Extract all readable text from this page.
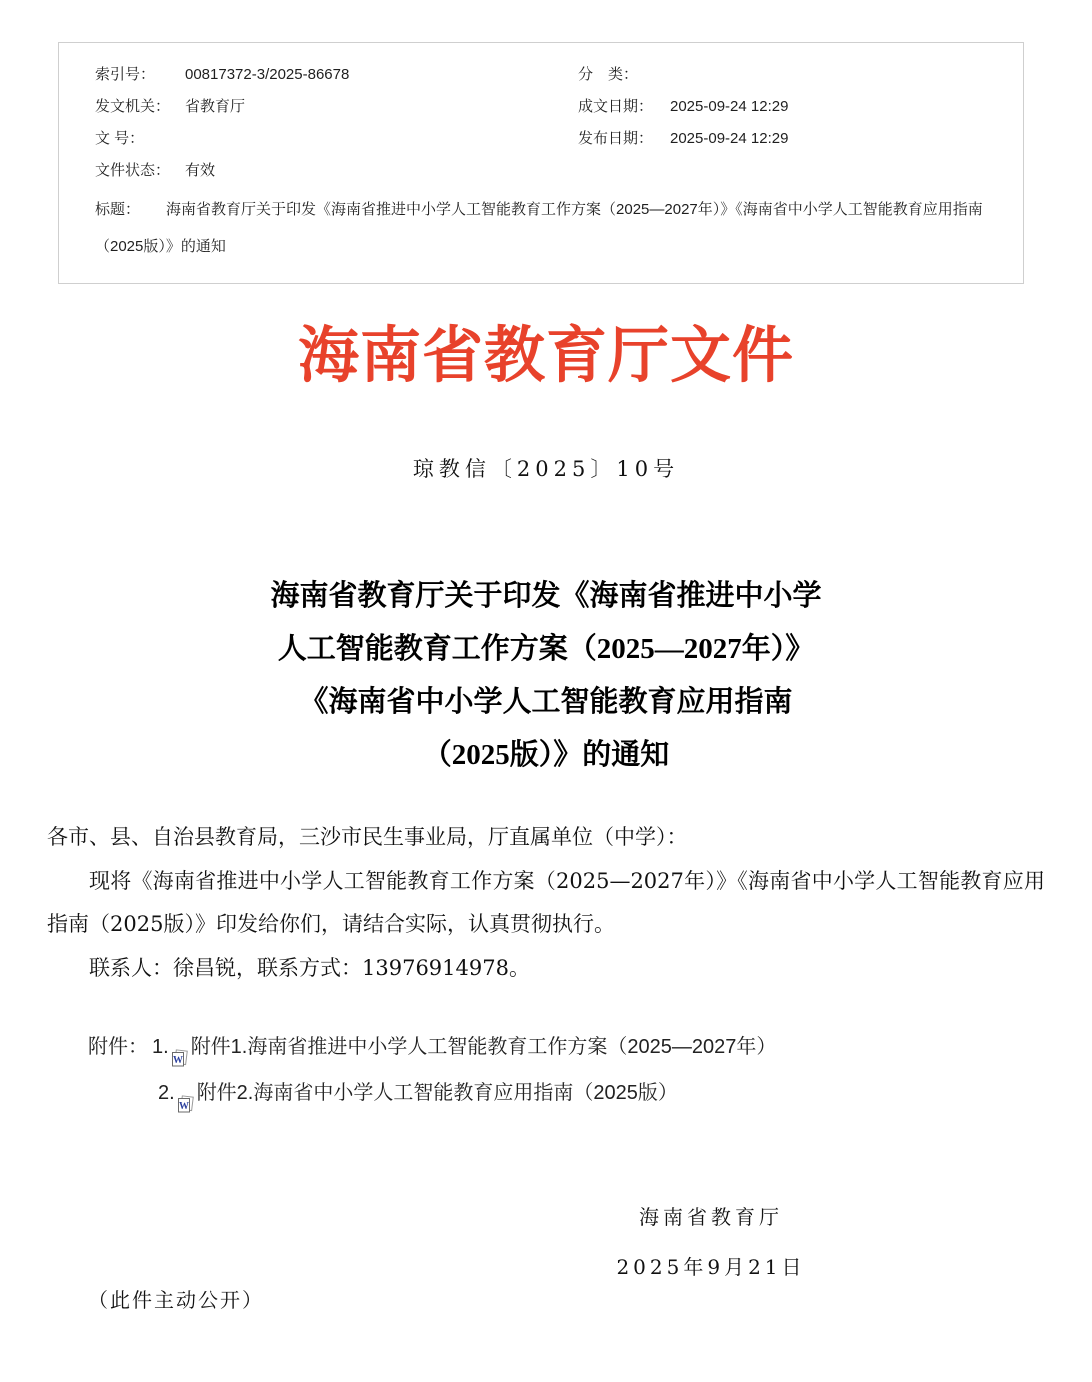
索引号：	00817372-3/2025-86678	分　类：
发文机关： 省教育厅	成文日期：	2025-09-24 12:29
文 号：	发布日期：	2025-09-24 12:29
文件状态： 有效
标题： 海南省教育厅关于印发《海南省推进中小学人工智能教育工作方案（2025—2027年）》《海南省中小学人工智能教育应用指南（2025版）》的通知
海南省教育厅文件
琼教信〔2025〕10号
海南省教育厅关于印发《海南省推进中小学
人工智能教育工作方案（2025—2027年）》
《海南省中小学人工智能教育应用指南
（2025版）》的通知

各市、县、自治县教育局，三沙市民生事业局，厅直属单位（中学）：

现将《海南省推进中小学人工智能教育工作方案（2025—2027年）》《海南省中小学人工智能教育应用指南（2025版）》印发给你们，请结合实际，认真贯彻执行。

联系人：徐昌锐，联系方式：13976914978。

附件： 1.
W
附件1.海南省推进中小学人工智能教育工作方案（2025—2027年）
2.
W
附件2.海南省中小学人工智能教育应用指南（2025版）
海南省教育厅
2025年9月21日
（此件主动公开）
